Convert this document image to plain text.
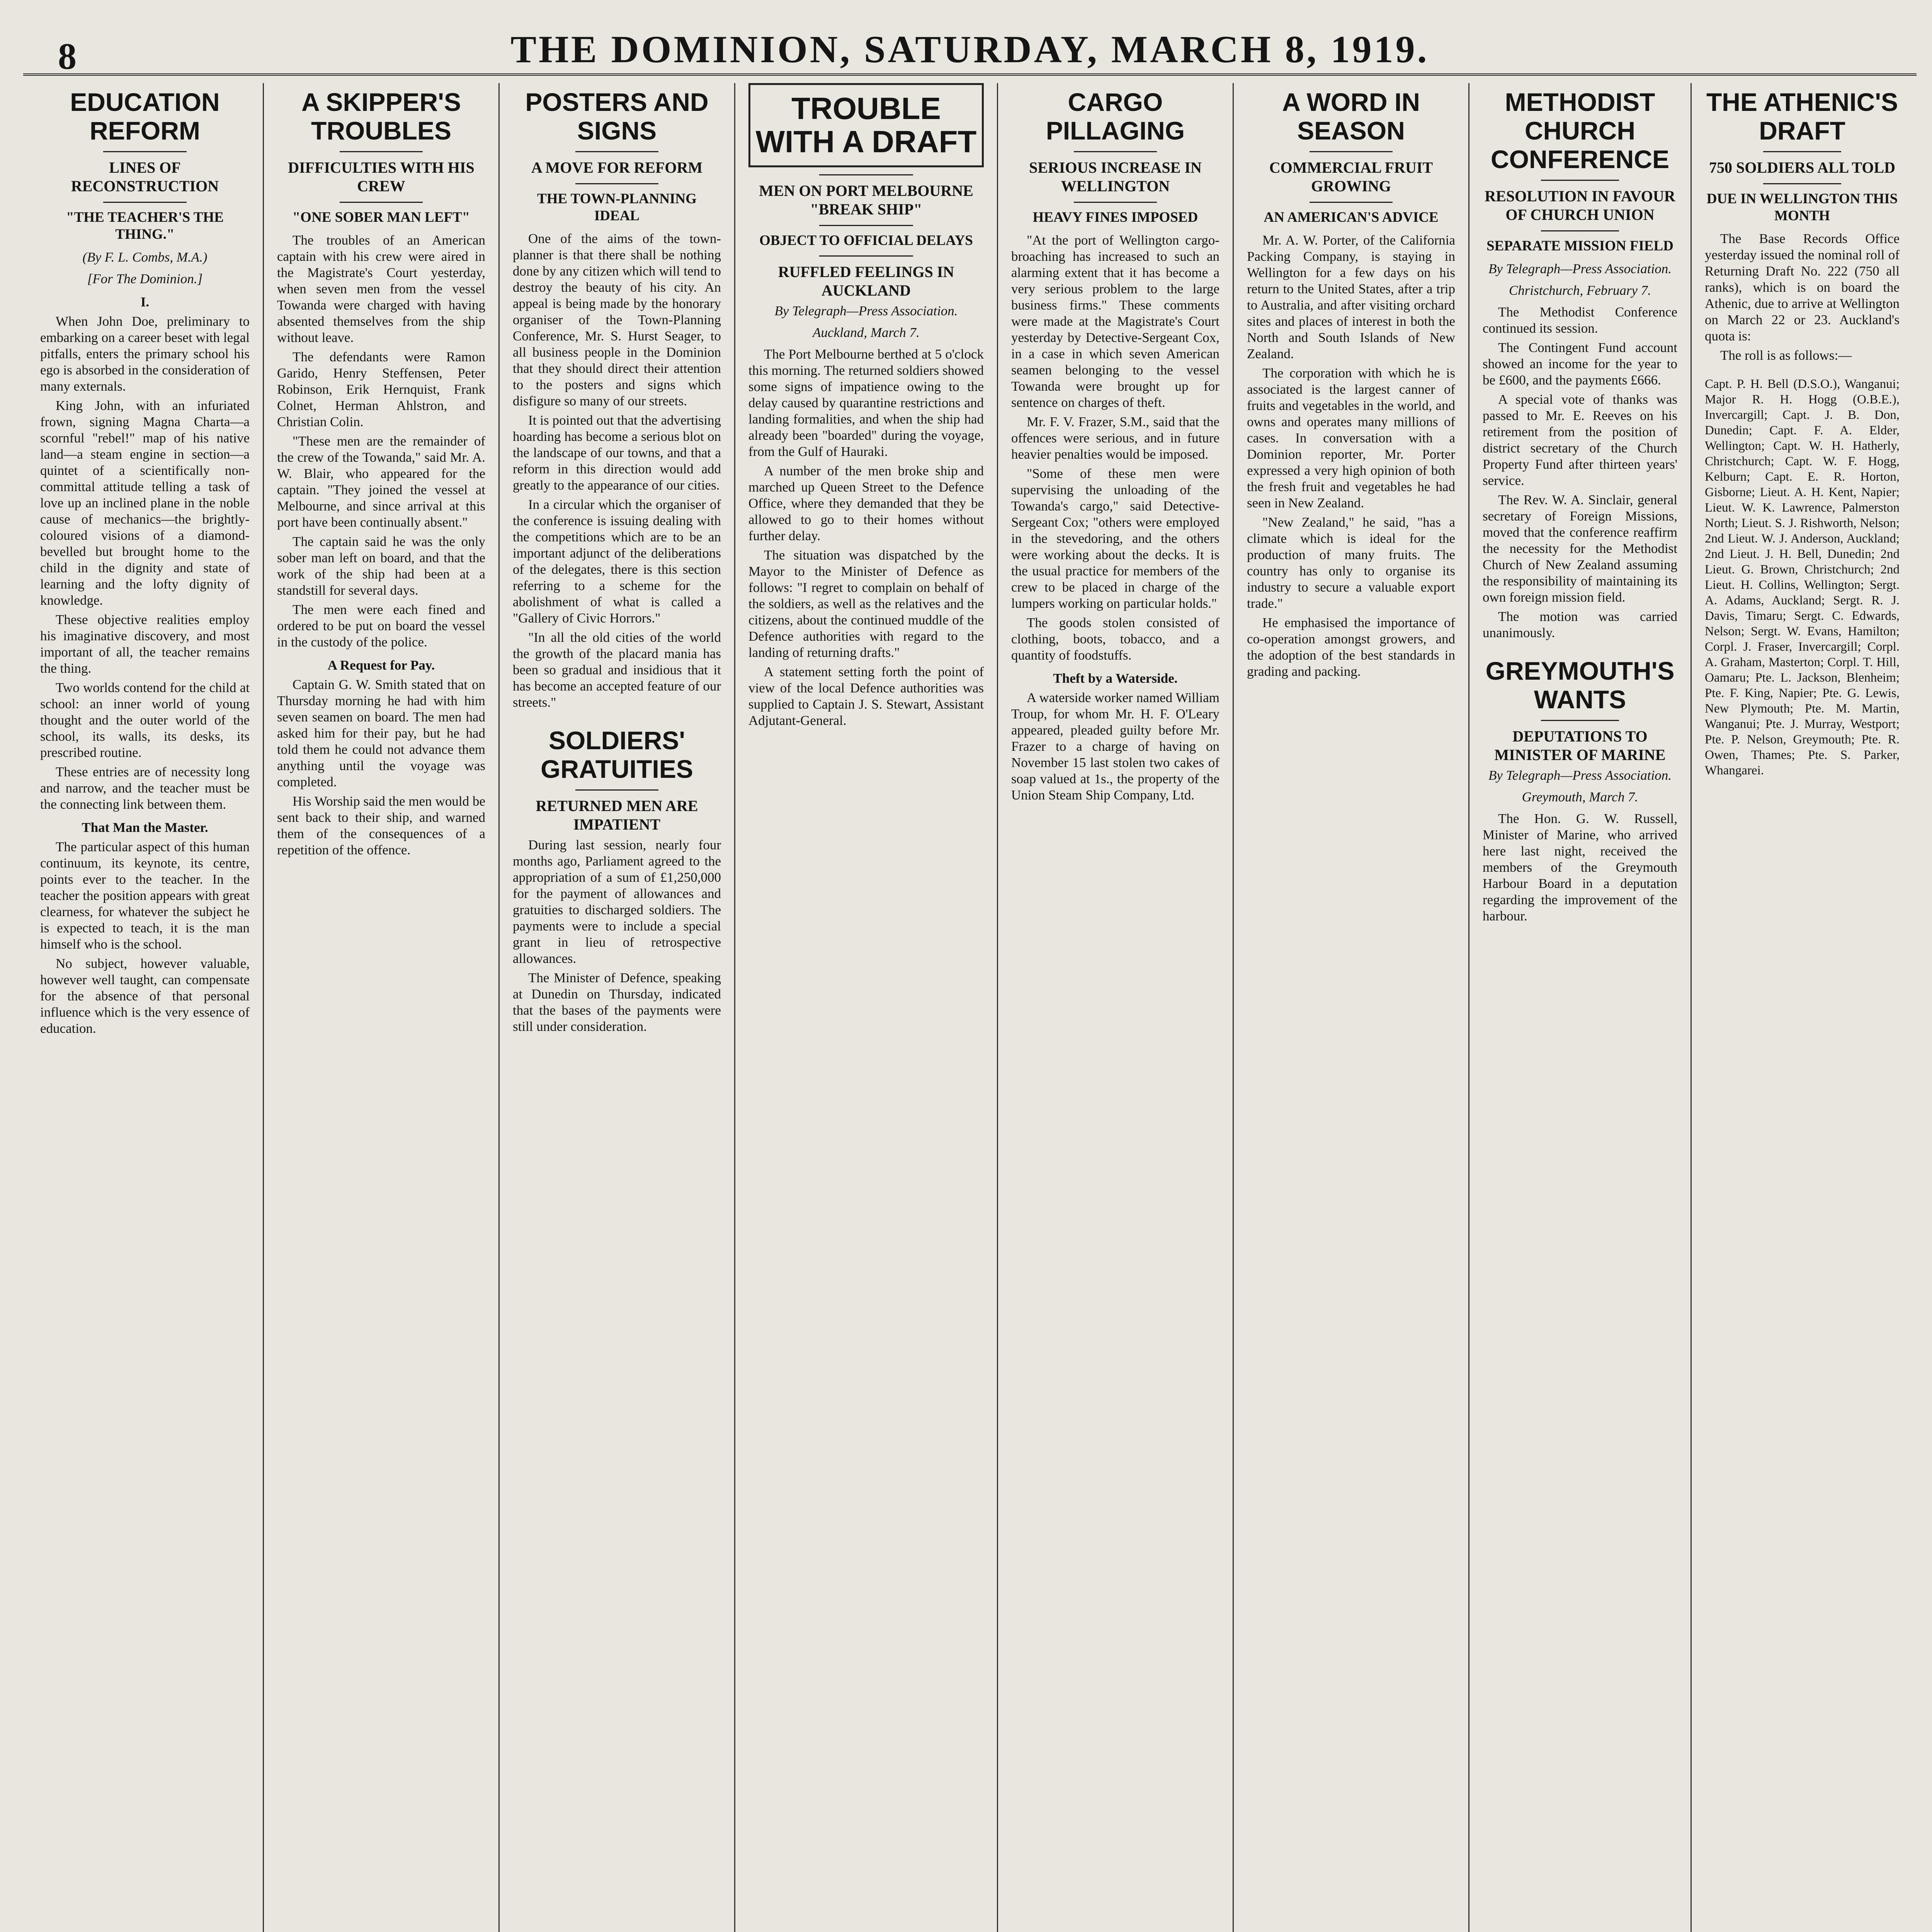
8	THE DOMINION, SATURDAY, MARCH 8, 1919.
EDUCATION REFORM
LINES OF RECONSTRUCTION
"THE TEACHER'S THE THING."
(By F. L. Combs, M.A.)
[For The Dominion.]
I.

When John Doe, preliminary to embarking on a career beset with legal pitfalls, enters the primary school his ego is absorbed in the consideration of many externals.

King John, with an infuriated frown, signing Magna Charta—a scornful "rebel!" map of his native land—a steam engine in section—a quintet of a scientifically non-committal attitude telling a task of love up an inclined plane in the noble cause of mechanics—the brightly-coloured visions of a diamond-bevelled but brought home to the child in the dignity and state of learning and the lofty dignity of knowledge.

These objective realities employ his imaginative discovery, and most important of all, the teacher remains the thing.

Two worlds contend for the child at school: an inner world of young thought and the outer world of the school, its walls, its desks, its prescribed routine.

These entries are of necessity long and narrow, and the teacher must be the connecting link between them.

That Man the Master.

The particular aspect of this human continuum, its keynote, its centre, points ever to the teacher. In the teacher the position appears with great clearness, for whatever the subject he is expected to teach, it is the man himself who is the school.

No subject, however valuable, however well taught, can compensate for the absence of that personal influence which is the very essence of education.

A SKIPPER'S TROUBLES
DIFFICULTIES WITH HIS CREW
"ONE SOBER MAN LEFT"

The troubles of an American captain with his crew were aired in the Magistrate's Court yesterday, when seven men from the vessel Towanda were charged with having absented themselves from the ship without leave.

The defendants were Ramon Garido, Henry Steffensen, Peter Robinson, Erik Hernquist, Frank Colnet, Herman Ahlstron, and Christian Colin.

"These men are the remainder of the crew of the Towanda," said Mr. A. W. Blair, who appeared for the captain. "They joined the vessel at Melbourne, and since arrival at this port have been continually absent."

The captain said he was the only sober man left on board, and that the work of the ship had been at a standstill for several days.

The men were each fined and ordered to be put on board the vessel in the custody of the police.

A Request for Pay.

Captain G. W. Smith stated that on Thursday morning he had with him seven seamen on board. The men had asked him for their pay, but he had told them he could not advance them anything until the voyage was completed.

His Worship said the men would be sent back to their ship, and warned them of the consequences of a repetition of the offence.

POSTERS AND SIGNS
A MOVE FOR REFORM
THE TOWN-PLANNING IDEAL

One of the aims of the town-planner is that there shall be nothing done by any citizen which will tend to destroy the beauty of his city. An appeal is being made by the honorary organiser of the Town-Planning Conference, Mr. S. Hurst Seager, to all business people in the Dominion that they should direct their attention to the posters and signs which disfigure so many of our streets.

It is pointed out that the advertising hoarding has become a serious blot on the landscape of our towns, and that a reform in this direction would add greatly to the appearance of our cities.

In a circular which the organiser of the conference is issuing dealing with the competitions which are to be an important adjunct of the deliberations of the delegates, there is this section referring to a scheme for the abolishment of what is called a "Gallery of Civic Horrors."

"In all the old cities of the world the growth of the placard mania has been so gradual and insidious that it has become an accepted feature of our streets."

SOLDIERS' GRATUITIES
RETURNED MEN ARE IMPATIENT

During last session, nearly four months ago, Parliament agreed to the appropriation of a sum of £1,250,000 for the payment of allowances and gratuities to discharged soldiers. The payments were to include a special grant in lieu of retrospective allowances.

The Minister of Defence, speaking at Dunedin on Thursday, indicated that the bases of the payments were still under consideration.

TROUBLE WITH A DRAFT
MEN ON PORT MELBOURNE "BREAK SHIP"
OBJECT TO OFFICIAL DELAYS
RUFFLED FEELINGS IN AUCKLAND
By Telegraph—Press Association.
Auckland, March 7.

The Port Melbourne berthed at 5 o'clock this morning. The returned soldiers showed some signs of impatience owing to the delay caused by quarantine restrictions and landing formalities, and when the ship had already been "boarded" during the voyage, from the Gulf of Hauraki.

A number of the men broke ship and marched up Queen Street to the Defence Office, where they demanded that they be allowed to go to their homes without further delay.

The situation was dispatched by the Mayor to the Minister of Defence as follows: "I regret to complain on behalf of the soldiers, as well as the relatives and the citizens, about the continued muddle of the Defence authorities with regard to the landing of returning drafts."

A statement setting forth the point of view of the local Defence authorities was supplied to Captain J. S. Stewart, Assistant Adjutant-General.

CARGO PILLAGING
SERIOUS INCREASE IN WELLINGTON
HEAVY FINES IMPOSED

"At the port of Wellington cargo-broaching has increased to such an alarming extent that it has become a very serious problem to the large business firms." These comments were made at the Magistrate's Court yesterday by Detective-Sergeant Cox, in a case in which seven American seamen belonging to the vessel Towanda were brought up for sentence on charges of theft.

Mr. F. V. Frazer, S.M., said that the offences were serious, and in future heavier penalties would be imposed.

"Some of these men were supervising the unloading of the Towanda's cargo," said Detective-Sergeant Cox; "others were employed in the stevedoring, and the others were working about the decks. It is the usual practice for members of the crew to be placed in charge of the lumpers working on particular holds."

The goods stolen consisted of clothing, boots, tobacco, and a quantity of foodstuffs.

Theft by a Waterside.

A waterside worker named William Troup, for whom Mr. H. F. O'Leary appeared, pleaded guilty before Mr. Frazer to a charge of having on November 15 last stolen two cakes of soap valued at 1s., the property of the Union Steam Ship Company, Ltd.

A WORD IN SEASON
COMMERCIAL FRUIT GROWING
AN AMERICAN'S ADVICE

Mr. A. W. Porter, of the California Packing Company, is staying in Wellington for a few days on his return to the United States, after a trip to Australia, and after visiting orchard sites and places of interest in both the North and South Islands of New Zealand.

The corporation with which he is associated is the largest canner of fruits and vegetables in the world, and owns and operates many millions of cases. In conversation with a Dominion reporter, Mr. Porter expressed a very high opinion of both the fresh fruit and vegetables he had seen in New Zealand.

"New Zealand," he said, "has a climate which is ideal for the production of many fruits. The country has only to organise its industry to secure a valuable export trade."

He emphasised the importance of co-operation amongst growers, and the adoption of the best standards in grading and packing.

METHODIST CHURCH CONFERENCE
RESOLUTION IN FAVOUR OF CHURCH UNION
SEPARATE MISSION FIELD
By Telegraph—Press Association.
Christchurch, February 7.

The Methodist Conference continued its session.

The Contingent Fund account showed an income for the year to be £600, and the payments £666.

A special vote of thanks was passed to Mr. E. Reeves on his retirement from the position of district secretary of the Church Property Fund after thirteen years' service.

The Rev. W. A. Sinclair, general secretary of Foreign Missions, moved that the conference reaffirm the necessity for the Methodist Church of New Zealand assuming the responsibility of maintaining its own foreign mission field.

The motion was carried unanimously.

GREYMOUTH'S WANTS
DEPUTATIONS TO MINISTER OF MARINE
By Telegraph—Press Association.
Greymouth, March 7.

The Hon. G. W. Russell, Minister of Marine, who arrived here last night, received the members of the Greymouth Harbour Board in a deputation regarding the improvement of the harbour.

THE ATHENIC'S DRAFT
750 SOLDIERS ALL TOLD
DUE IN WELLINGTON THIS MONTH

The Base Records Office yesterday issued the nominal roll of Returning Draft No. 222 (750 all ranks), which is on board the Athenic, due to arrive at Wellington on March 22 or 23. Auckland's quota is:

The roll is as follows:—

Capt. P. H. Bell (D.S.O.), Wanganui; Major R. H. Hogg (O.B.E.), Invercargill; Capt. J. B. Don, Dunedin; Capt. F. A. Elder, Wellington; Capt. W. H. Hatherly, Christchurch; Capt. W. F. Hogg, Kelburn; Capt. E. R. Horton, Gisborne; Lieut. A. H. Kent, Napier; Lieut. W. K. Lawrence, Palmerston North; Lieut. S. J. Rishworth, Nelson; 2nd Lieut. W. J. Anderson, Auckland; 2nd Lieut. J. H. Bell, Dunedin; 2nd Lieut. G. Brown, Christchurch; 2nd Lieut. H. Collins, Wellington; Sergt. A. Adams, Auckland; Sergt. R. J. Davis, Timaru; Sergt. C. Edwards, Nelson; Sergt. W. Evans, Hamilton; Corpl. J. Fraser, Invercargill; Corpl. A. Graham, Masterton; Corpl. T. Hill, Oamaru; Pte. L. Jackson, Blenheim; Pte. F. King, Napier; Pte. G. Lewis, New Plymouth; Pte. M. Martin, Wanganui; Pte. J. Murray, Westport; Pte. P. Nelson, Greymouth; Pte. R. Owen, Thames; Pte. S. Parker, Whangarei.
